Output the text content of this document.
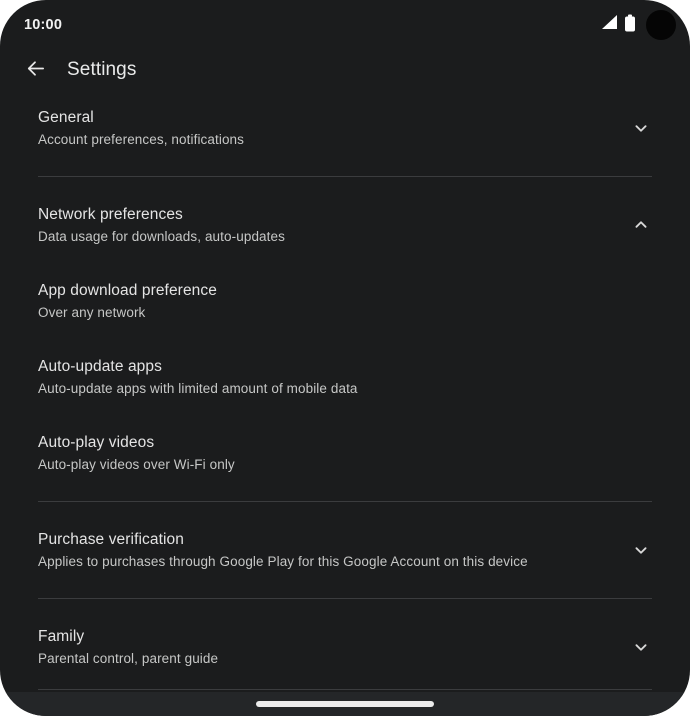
10:00
Settings
General
Account preferences, notifications
Network preferences
Data usage for downloads, auto-updates
App download preference
Over any network
Auto-update apps
Auto-update apps with limited amount of mobile data
Auto-play videos
Auto-play videos over Wi-Fi only
Purchase verification
Applies to purchases through Google Play for this Google Account on this device
Family
Parental control, parent guide
